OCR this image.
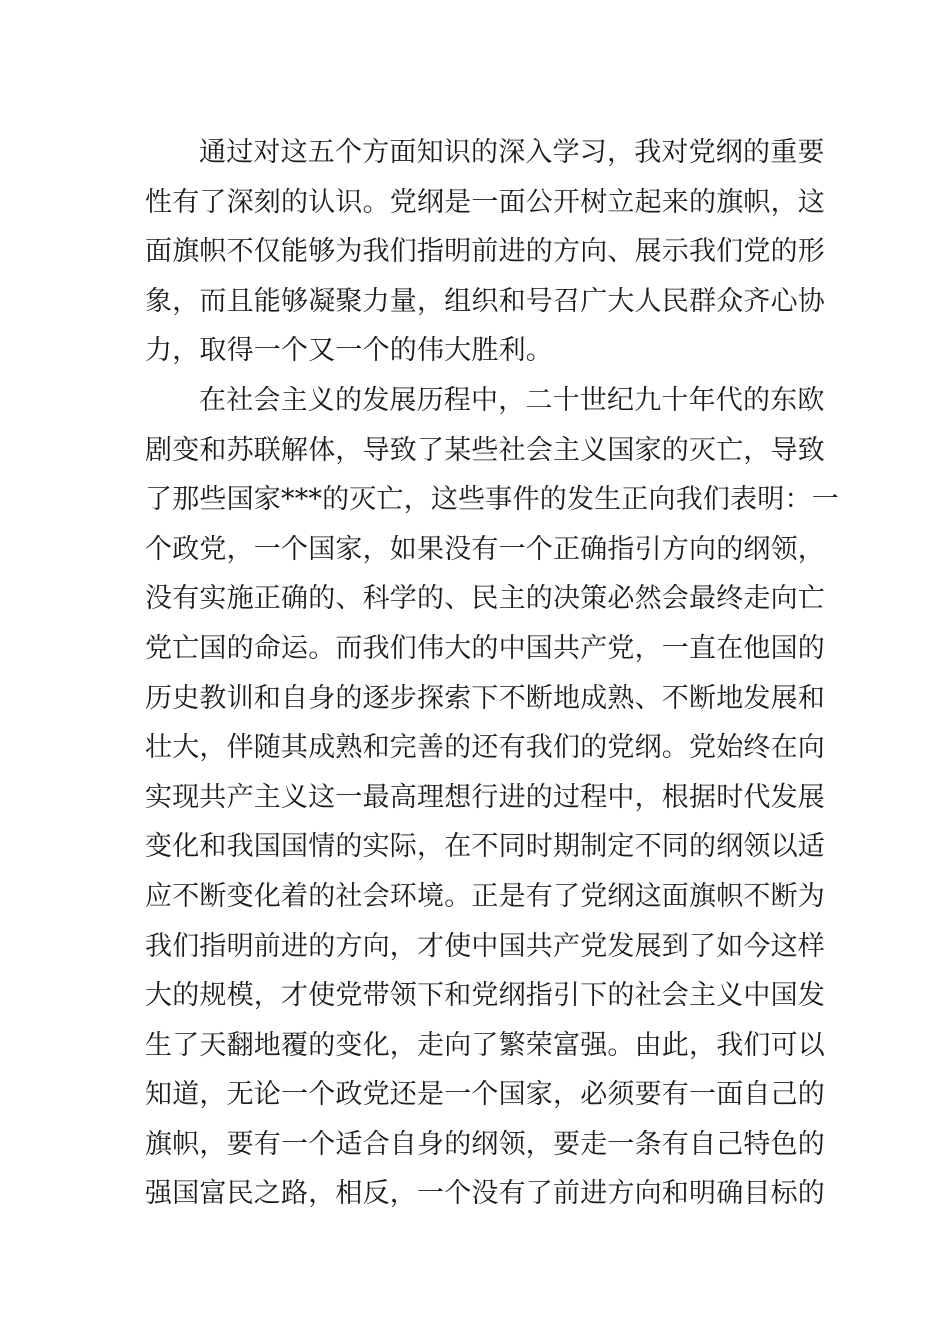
通过对这五个方面知识的深入学习，我对党纲的重要
性有了深刻的认识。党纲是一面公开树立起来的旗帜，这
面旗帜不仅能够为我们指明前进的方向、展示我们党的形
象，而且能够凝聚力量，组织和号召广大人民群众齐心协
力，取得一个又一个的伟大胜利。
在社会主义的发展历程中，二十世纪九十年代的东欧
剧变和苏联解体，导致了某些社会主义国家的灭亡，导致
了那些国家***的灭亡，这些事件的发生正向我们表明：一
个政党，一个国家，如果没有一个正确指引方向的纲领，
没有实施正确的、科学的、民主的决策必然会最终走向亡
党亡国的命运。而我们伟大的中国共产党，一直在他国的
历史教训和自身的逐步探索下不断地成熟、不断地发展和
壮大，伴随其成熟和完善的还有我们的党纲。党始终在向
实现共产主义这一最高理想行进的过程中，根据时代发展
变化和我国国情的实际，在不同时期制定不同的纲领以适
应不断变化着的社会环境。正是有了党纲这面旗帜不断为
我们指明前进的方向，才使中国共产党发展到了如今这样
大的规模，才使党带领下和党纲指引下的社会主义中国发
生了天翻地覆的变化，走向了繁荣富强。由此，我们可以
知道，无论一个政党还是一个国家，必须要有一面自己的
旗帜，要有一个适合自身的纲领，要走一条有自己特色的
强国富民之路，相反，一个没有了前进方向和明确目标的
